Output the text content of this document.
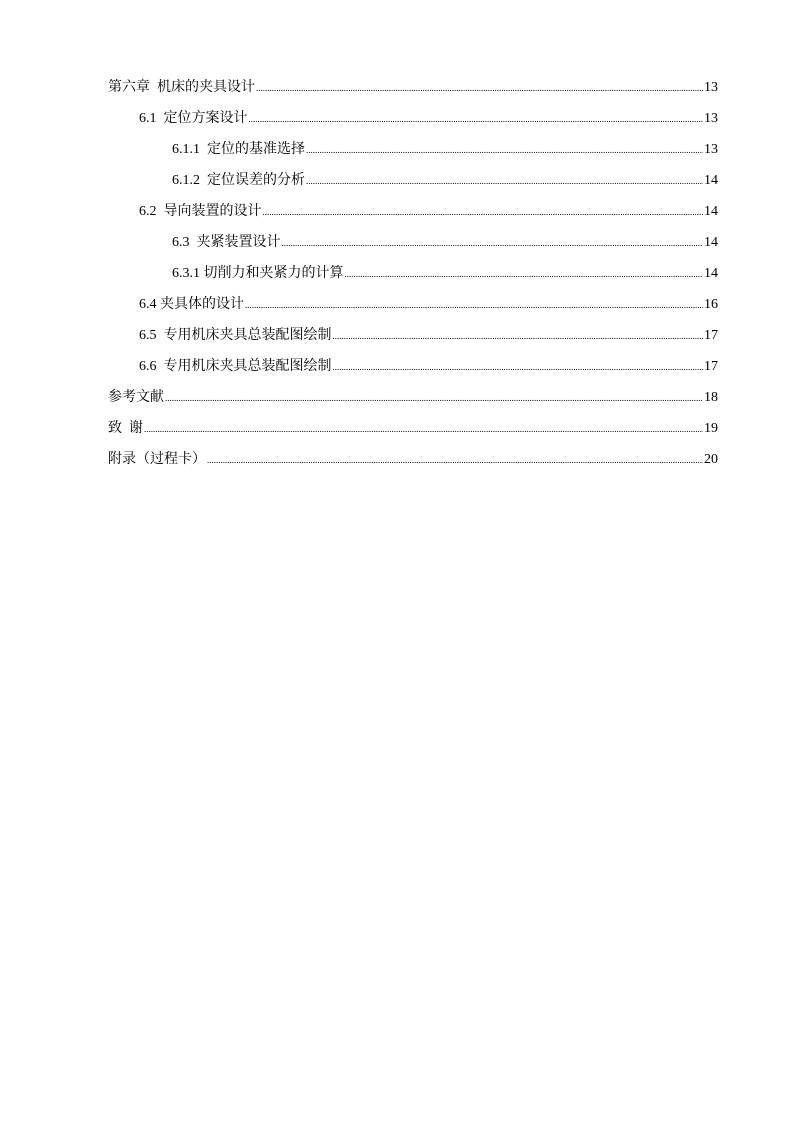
第六章  机床的夹具设计 .....	13
6.1  定位方案设计 .....	13
6.1.1  定位的基准选择 .....	13
6.1.2  定位误差的分析 .....	14
6.2  导向装置的设计 .....	14
6.3  夹紧装置设计 .....	14
6.3.1 切削力和夹紧力的计算 .....	14
6.4 夹具体的设计 .....	16
6.5  专用机床夹具总装配图绘制 .....	17
6.6  专用机床夹具总装配图绘制 .....	17
参考文献 .....	18
致  谢 .....	19
附录（过程卡） .....	20
